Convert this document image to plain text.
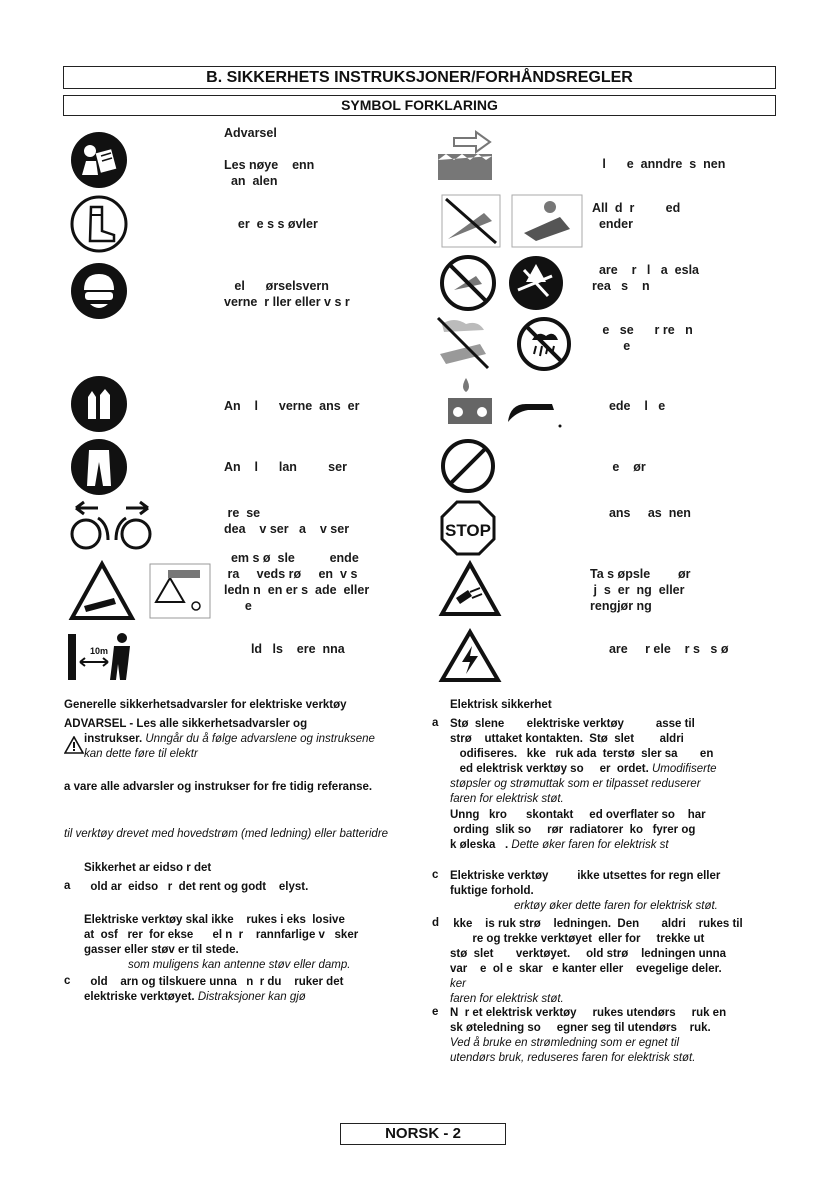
B. SIKKERHETS INSTRUKSJONER/FORHÅNDSREGLER
SYMBOL FORKLARING
Advarsel

Les nøye    enn
an  alen
er  e s s øvler
el      ørselsvern
verne  r ller eller v s r
An    l      verne  ans  er
An    l      lan         ser
re  se
dea    v ser   a    v ser
em s ø  sle          ende
ra     veds rø     en  v s
ledn n  en er s  ade  eller
e
10m	ld   ls    ere  nna
l      e  anndre  s  nen
All  d  r         ed
ender
are    r   l   a  esla
rea   s    n
e   se      r re   n
e
ede    l   e
e    ør
STOP
ans     as  nen
Ta s øpsle        ør
j  s  er  ng  eller
rengjør ng
are     r ele    r s   s ø
Generelle sikkerhetsadvarsler for elektriske verktøy
ADVARSEL - Les alle sikkerhetsadvarsler og
instrukser. Unngår du å følge advarslene og instruksene kan dette føre til elektr
a vare alle advarsler og instrukser for fre tidig referanse.
til verktøy drevet med hovedstrøm (med ledning) eller batteridre
Sikkerhet ar eidso r det
a old ar  eidso   r  det rent og godt    elyst.
Elektriske verktøy skal ikke    rukes i eks  losive
at  osf   rer  for ekse      el n  r    rannfarlige v   sker
gasser eller støv er til stede.
som muligens kan antenne støv eller damp.
c	old    arn og tilskuere unna   n  r du    ruker det
elektriske verktøyet. Distraksjoner kan gjø
Elektrisk sikkerhet
a Stø  slene       elektriske verktøy          asse til
strø    uttaket kontakten.  Stø  slet        aldri
odifiseres.   kke   ruk ada  terstø  sler sa       en
ed elektrisk verktøy so     er  ordet. Umodifiserte
støpsler og strømuttak som er tilpasset reduserer
faren for elektrisk støt.
Unng   kro      skontakt     ed overflater so    har
ording  slik so     rør  radiatorer  ko   fyrer og
k øleska   . Dette øker faren for elektrisk st
c Elektriske verktøy         ikke utsettes for regn eller
fuktige forhold.
erktøy øker dette faren for elektrisk støt.
d kke    is ruk strø    ledningen.  Den       aldri    rukes til
re og trekke verktøyet  eller for     trekke ut
stø  slet       verktøyet.     old strø    ledningen unna
var    e  ol e  skar   e kanter eller    evegelige deler.
ker
faren for elektrisk støt.
e N  r et elektrisk verktøy     rukes utendørs     ruk en
sk øteledning so     egner seg til utendørs    ruk.
Ved å bruke en strømledning som er egnet til
utendørs bruk, reduseres faren for elektrisk støt.
NORSK - 2
